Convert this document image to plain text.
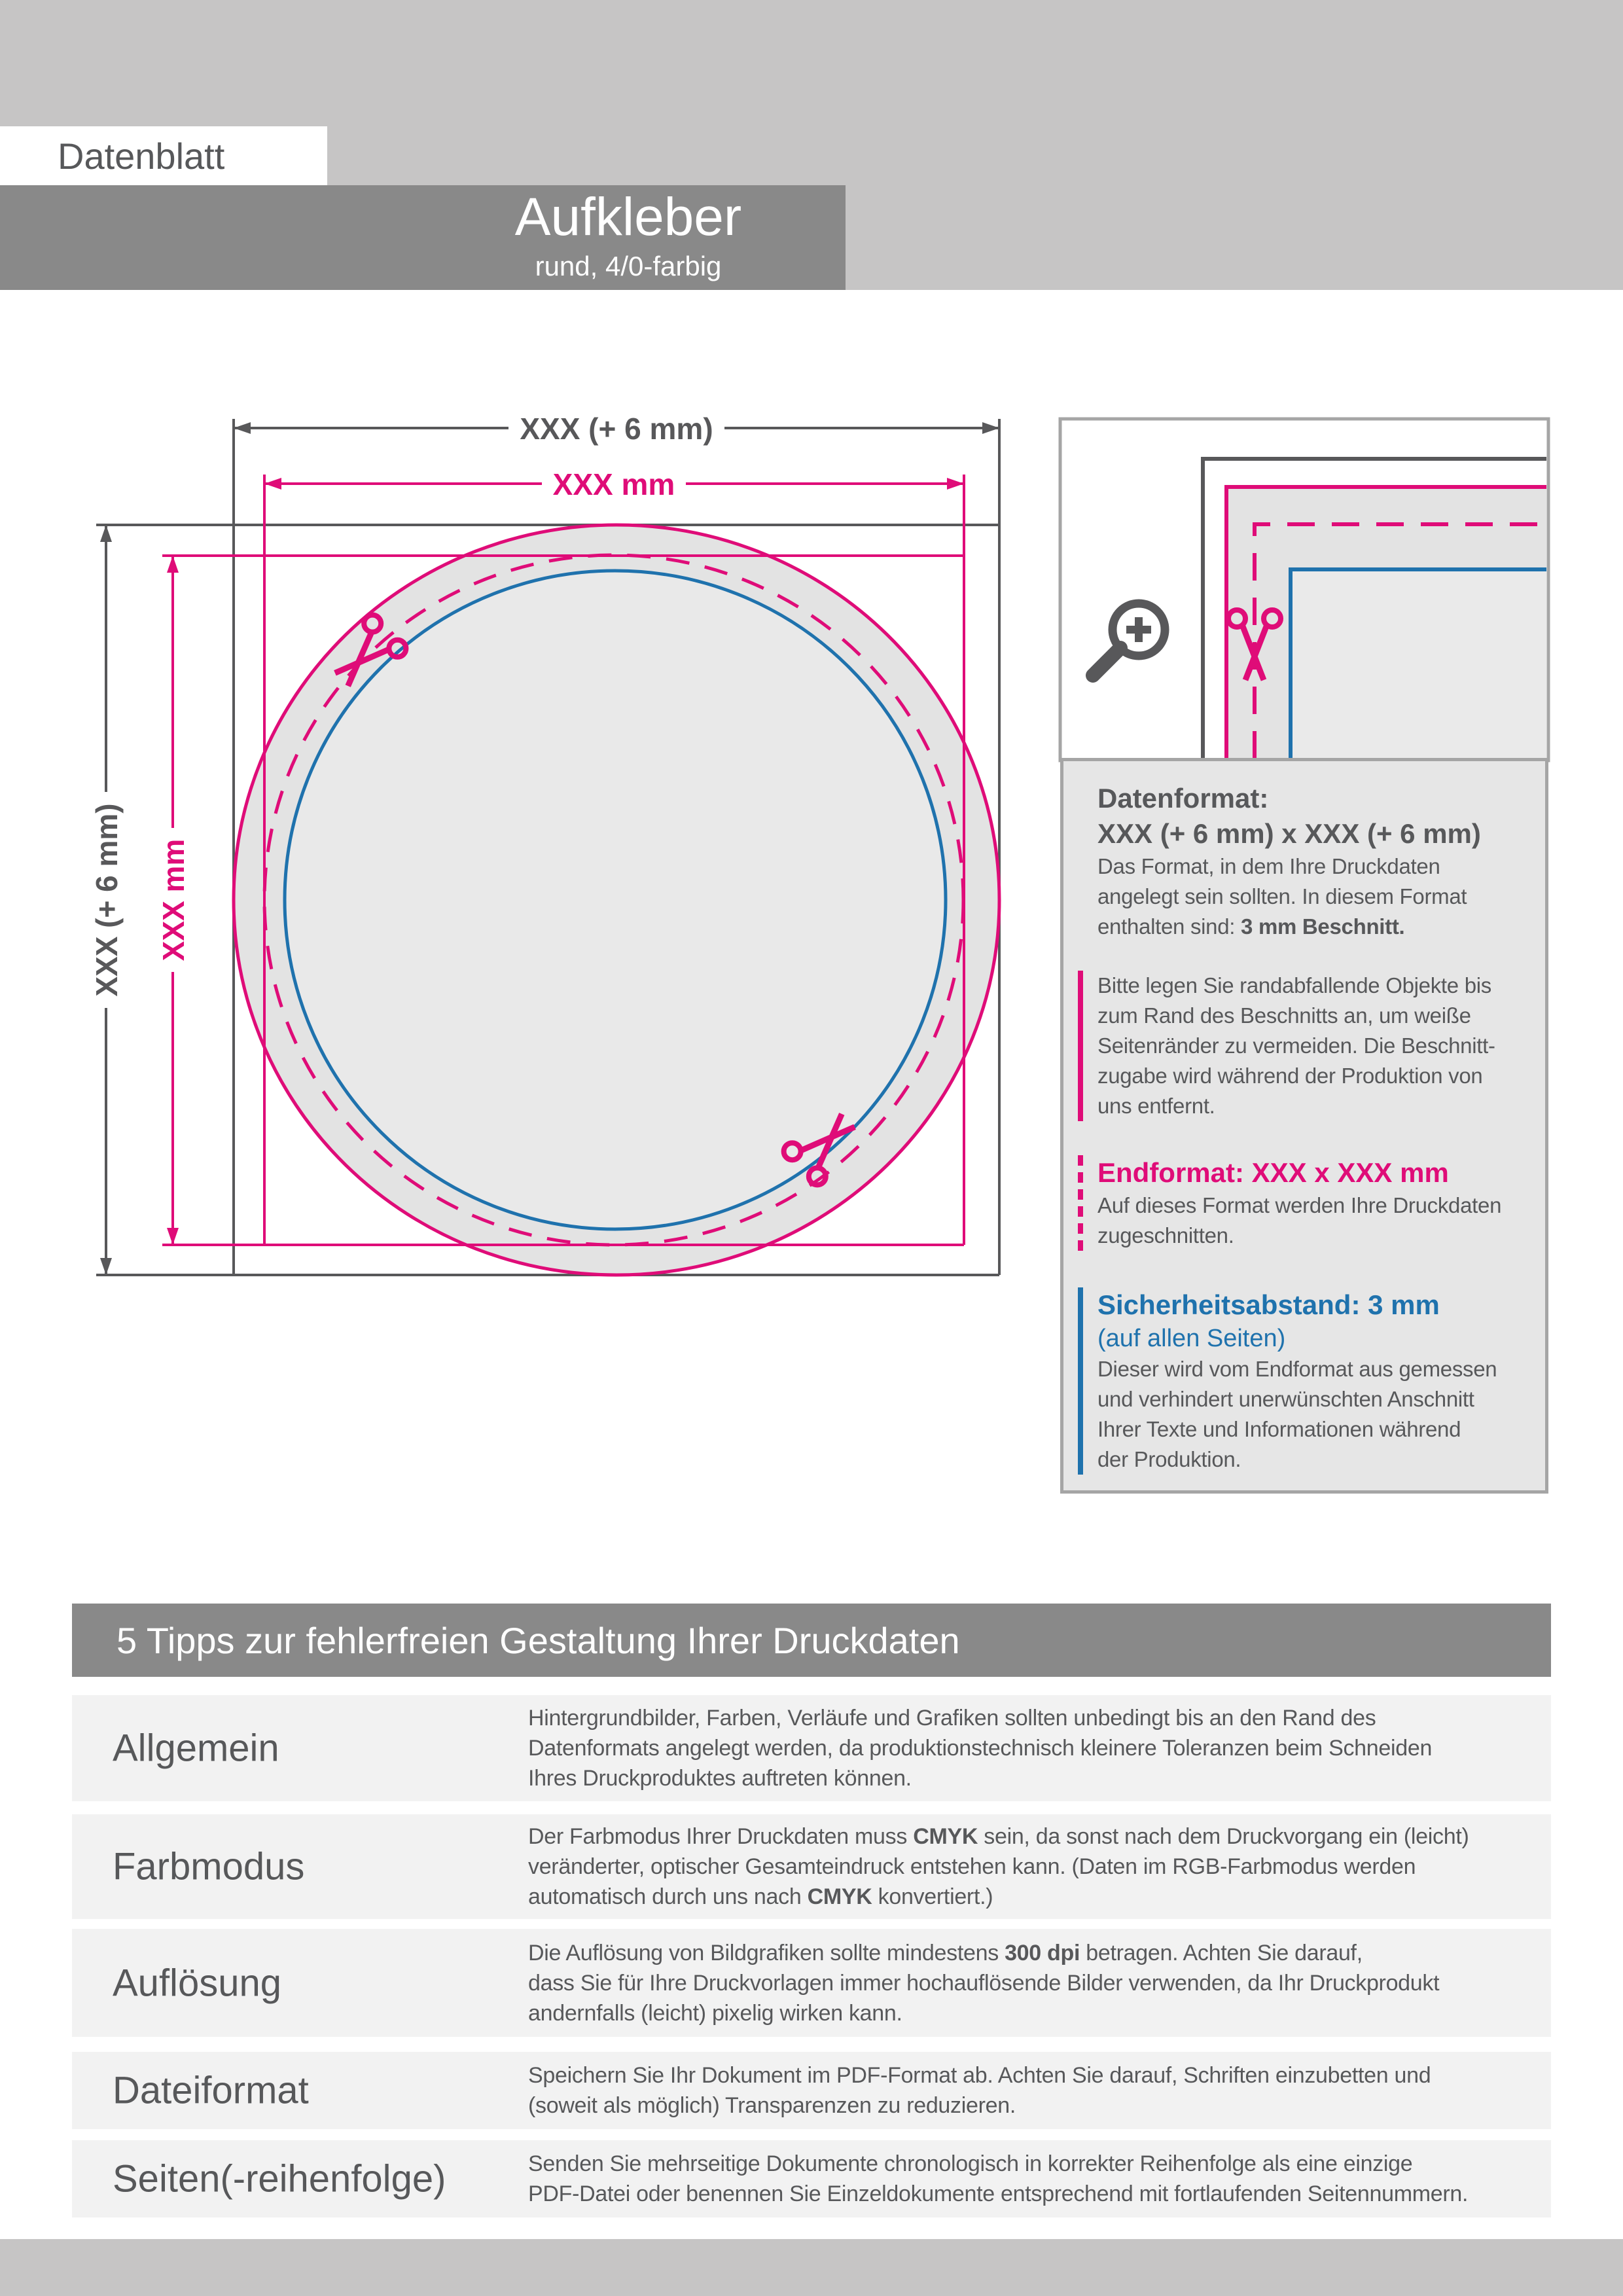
Datenblatt
Aufkleber
rund, 4/0-farbig
XXX (+ 6 mm)
XXX mm
XXX (+ 6 mm) XXX mm
Datenformat:
XXX (+ 6 mm) x XXX (+ 6 mm)
Das Format, in dem Ihre Druckdaten
angelegt sein sollten. In diesem Format
enthalten sind: 3 mm Beschnitt.
Bitte legen Sie randabfallende Objekte bis
zum Rand des Beschnitts an, um weiße
Seitenränder zu vermeiden. Die Beschnitt-
zugabe wird während der Produktion von
uns entfernt.
Endformat: XXX x XXX mm
Auf dieses Format werden Ihre Druckdaten
zugeschnitten.
Sicherheitsabstand: 3 mm
(auf allen Seiten)
Dieser wird vom Endformat aus gemessen
und verhindert unerwünschten Anschnitt
Ihrer Texte und Informationen während
der Produktion.
5 Tipps zur fehlerfreien Gestaltung Ihrer Druckdaten
Allgemein
Hintergrundbilder, Farben, Verläufe und Grafiken sollten unbedingt bis an den Rand des
Datenformats angelegt werden, da produktionstechnisch kleinere Toleranzen beim Schneiden
Ihres Druckproduktes auftreten können.
Farbmodus
Der Farbmodus Ihrer Druckdaten muss CMYK sein, da sonst nach dem Druckvorgang ein (leicht)
veränderter, optischer Gesamteindruck entstehen kann. (Daten im RGB-Farbmodus werden
automatisch durch uns nach CMYK konvertiert.)
Auflösung
Die Auflösung von Bildgrafiken sollte mindestens 300 dpi betragen. Achten Sie darauf,
dass Sie für Ihre Druckvorlagen immer hochauflösende Bilder verwenden, da Ihr Druckprodukt
andernfalls (leicht) pixelig wirken kann.
Dateiformat	Speichern Sie Ihr Dokument im PDF-Format ab. Achten Sie darauf, Schriften einzubetten und
(soweit als möglich) Transparenzen zu reduzieren.
Seiten(-reihenfolge)	Senden Sie mehrseitige Dokumente chronologisch in korrekter Reihenfolge als eine einzige
PDF-Datei oder benennen Sie Einzeldokumente entsprechend mit fortlaufenden Seitennummern.
